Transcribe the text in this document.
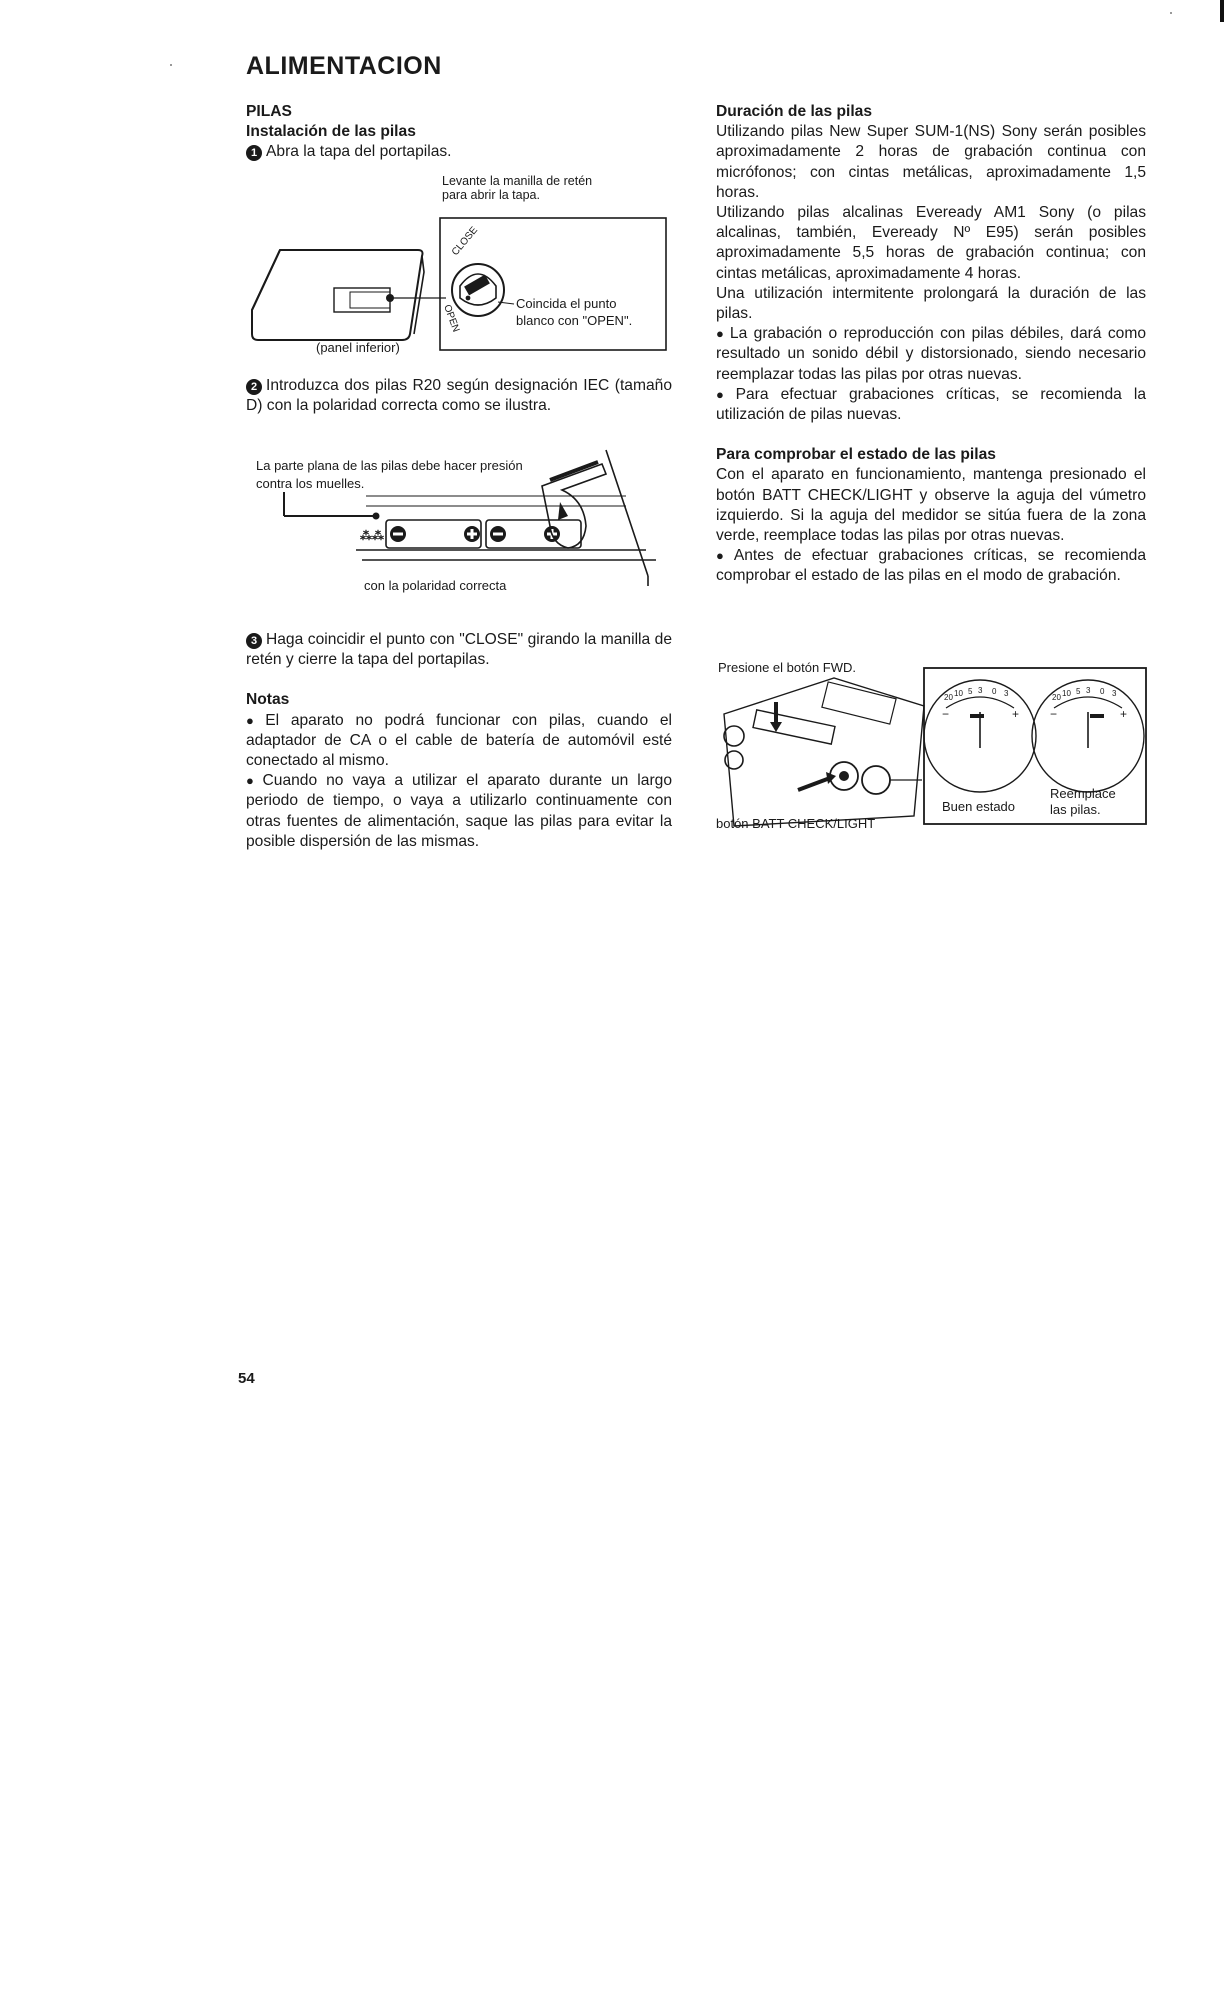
ALIMENTACION

PILAS

Instalación de las pilas

1 Abra la tapa del portapilas.

Levante la manilla de retén
para abrir la tapa.
(panel inferior)
CLOSE
OPEN	Coincida el punto
blanco con "OPEN".

2 Introduzca dos pilas R20 según designación IEC (tamaño D) con la polaridad correcta como se ilustra.

La parte plana de las pilas debe hacer presión
contra los muelles.
⁂⁂
con la polaridad correcta

3 Haga coincidir el punto con "CLOSE" girando la manilla de retén y cierre la tapa del portapilas.

Notas

● El aparato no podrá funcionar con pilas, cuando el adaptador de CA o el cable de batería de automóvil esté conectado al mismo.

● Cuando no vaya a utilizar el aparato durante un largo periodo de tiempo, o vaya a utilizarlo continuamente con otras fuentes de alimentación, saque las pilas para evitar la posible dispersión de las mismas.

Duración de las pilas

Utilizando pilas New Super SUM-1(NS) Sony serán posibles aproximadamente 2 horas de grabación continua con micrófonos; con cintas metálicas, aproximadamente 1,5 horas.

Utilizando pilas alcalinas Eveready AM1 Sony (o pilas alcalinas, también, Eveready Nº E95) serán posibles aproximadamente 5,5 horas de grabación continua; con cintas metálicas, aproximadamente 4 horas.

Una utilización intermitente prolongará la duración de las pilas.

● La grabación o reproducción con pilas débiles, dará como resultado un sonido débil y distorsionado, siendo necesario reemplazar todas las pilas por otras nuevas.

● Para efectuar grabaciones críticas, se recomienda la utilización de pilas nuevas.

Para comprobar el estado de las pilas

Con el aparato en funcionamiento, mantenga presionado el botón BATT CHECK/LIGHT y observe la aguja del vúmetro izquierdo. Si la aguja del medidor se sitúa fuera de la zona verde, reemplace todas las pilas por otras nuevas.

● Antes de efectuar grabaciones críticas, se recomienda comprobar el estado de las pilas en el modo de grabación.

Presione el botón FWD.
botón BATT CHECK/LIGHT
20 10 5 3 0 3
−	+
20 10 5 3 0 3
−	+
Buen estado
Reemplace
las pilas.
54
